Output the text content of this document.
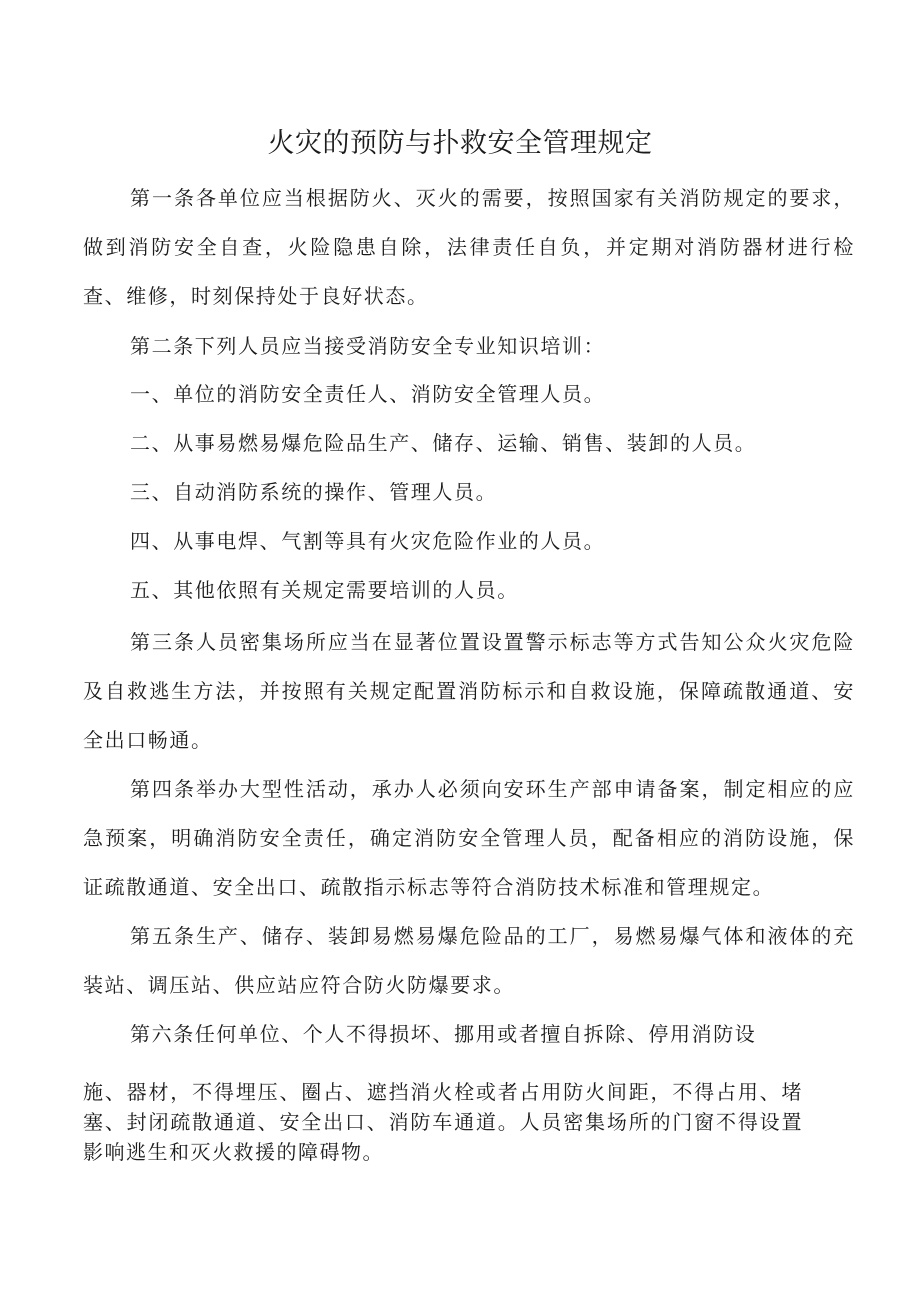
火灾的预防与扑救安全管理规定

第一条各单位应当根据防火、灭火的需要，按照国家有关消防规定的要求，做到消防安全自查，火险隐患自除，法律责任自负，并定期对消防器材进行检查、维修，时刻保持处于良好状态。

第二条下列人员应当接受消防安全专业知识培训：

一、单位的消防安全责任人、消防安全管理人员。

二、从事易燃易爆危险品生产、储存、运输、销售、装卸的人员。

三、自动消防系统的操作、管理人员。

四、从事电焊、气割等具有火灾危险作业的人员。

五、其他依照有关规定需要培训的人员。

第三条人员密集场所应当在显著位置设置警示标志等方式告知公众火灾危险及自救逃生方法，并按照有关规定配置消防标示和自救设施，保障疏散通道、安全出口畅通。

第四条举办大型性活动，承办人必须向安环生产部申请备案，制定相应的应急预案，明确消防安全责任，确定消防安全管理人员，配备相应的消防设施，保证疏散通道、安全出口、疏散指示标志等符合消防技术标准和管理规定。

第五条生产、储存、装卸易燃易爆危险品的工厂，易燃易爆气体和液体的充装站、调压站、供应站应符合防火防爆要求。

第六条任何单位、个人不得损坏、挪用或者擅自拆除、停用消防设

施、器材，不得埋压、圈占、遮挡消火栓或者占用防火间距，不得占用、堵塞、封闭疏散通道、安全出口、消防车通道。人员密集场所的门窗不得设置影响逃生和灭火救援的障碍物。
